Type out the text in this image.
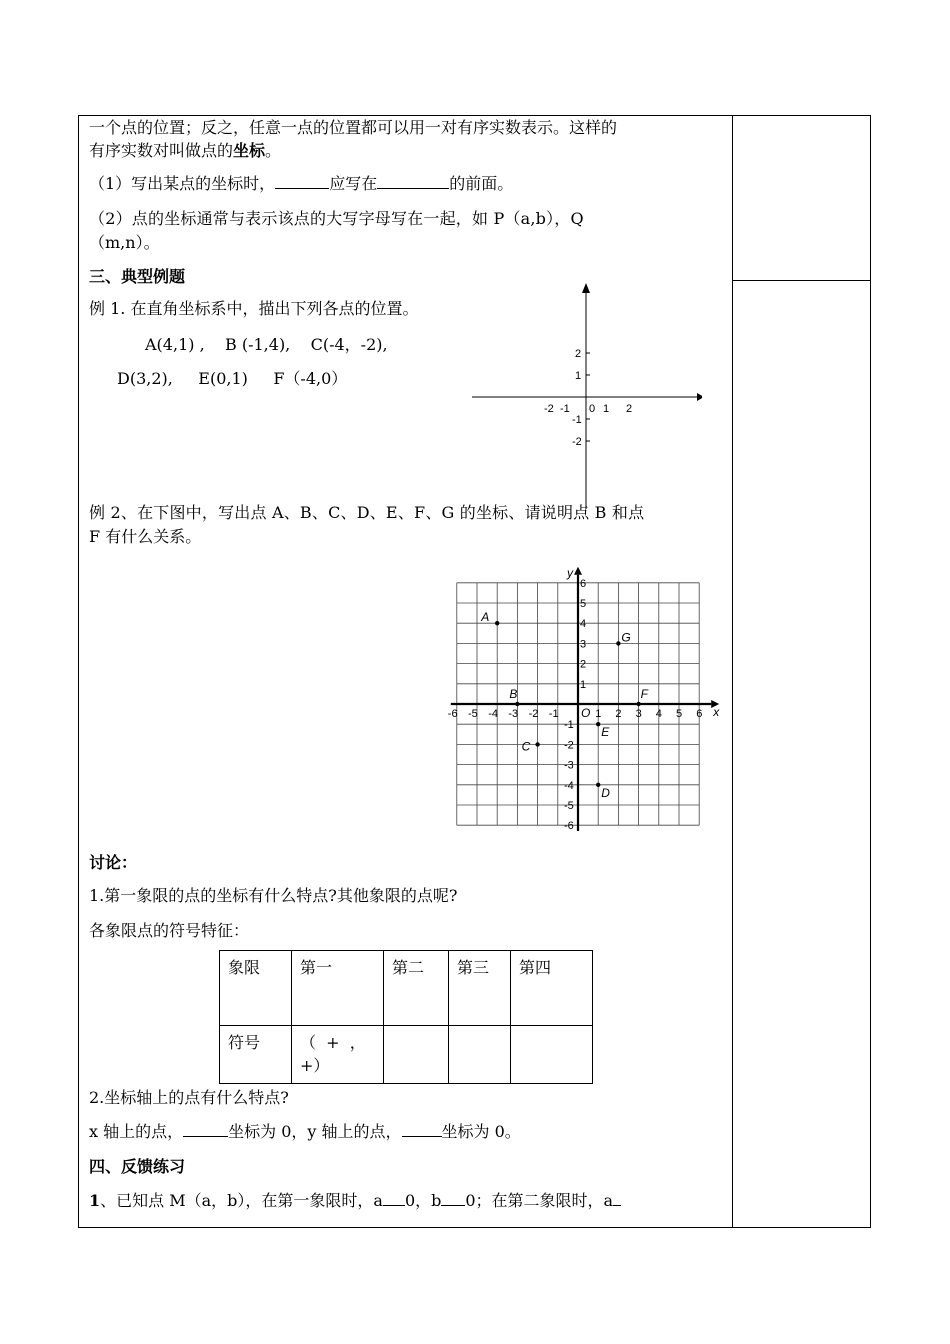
一个点的位置；反之，任意一点的位置都可以用一对有序实数表示。这样的
有序实数对叫做点的坐标。
（1）写出某点的坐标时，	应写在	的前面。
（2）点的坐标通常与表示该点的大写字母写在一起，如 P（a,b），Q
（m,n）。
三、典型例题
例 1. 在直角坐标系中，描出下列各点的位置。
A(4,1) ,    B (-1,4),    C(-4，-2),
D(3,2),     E(0,1)     F（-4,0）
-2 -1 0 1 2
2
1
-1
-2
例 2、在下图中，写出点 A、B、C、D、E、F、G 的坐标、请说明点 B 和点
F 有什么关系。
x
y
O
-6 -5 -4 -3 -2 -1	1 2 3 4 5 6
6
5
4
3
2
1
-1
-2
-3
-4
-5
-6
A
B
C
D
E
F
G
讨论：
1.第一象限的点的坐标有什么特点?其他象限的点呢?
各象限点的符号特征：
象限	第一	第二	第三	第四
符号	（  +  ，
+）			

2.坐标轴上的点有什么特点?
x 轴上的点，	坐标为 0，y 轴上的点，	坐标为 0。
四、反馈练习
1、已知点 M（a，b），在第一象限时，a 0，b 0；在第二象限时，a
